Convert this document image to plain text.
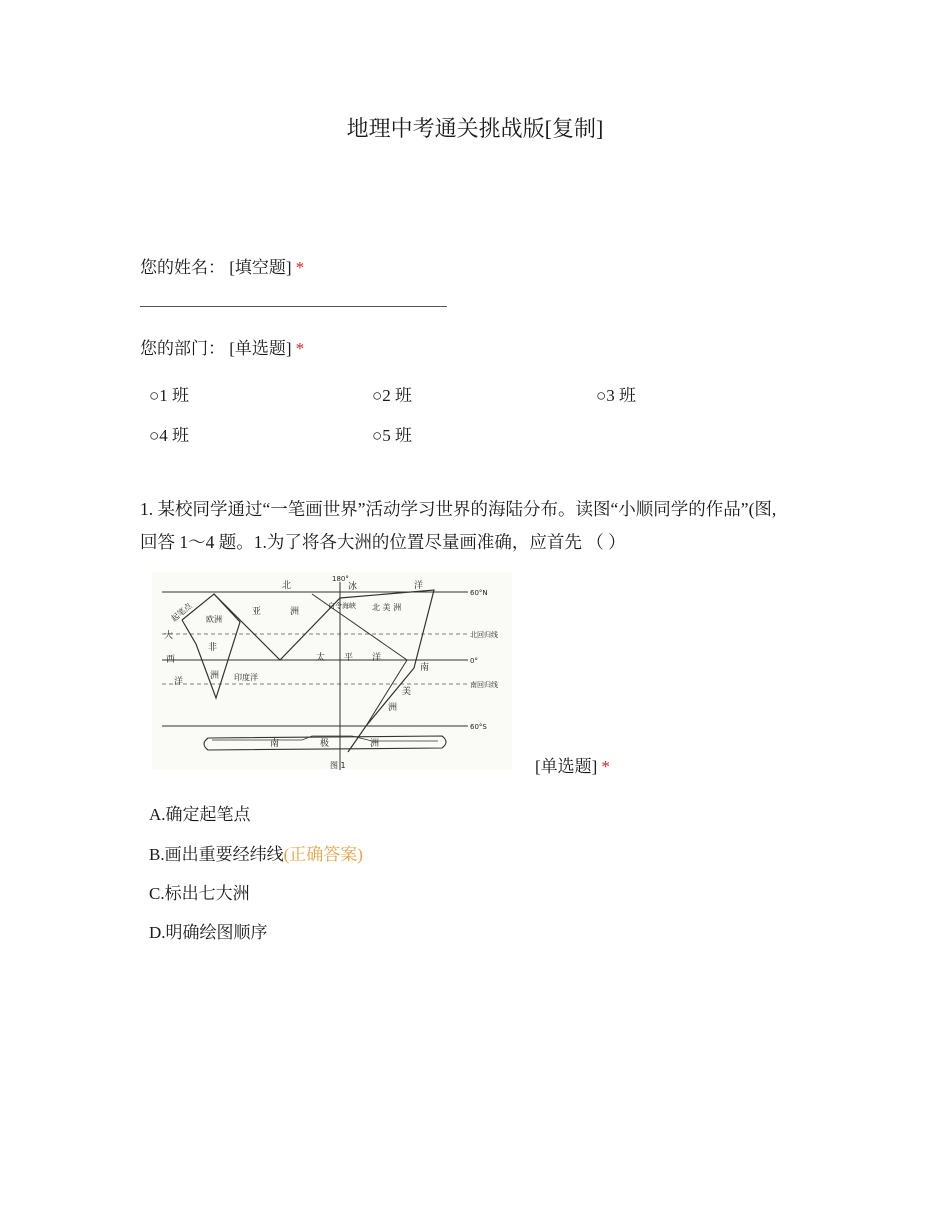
地理中考通关挑战版[复制]
您的姓名： [填空题] *
您的部门： [单选题] *
○1 班	○2 班	○3 班
○4 班	○5 班
1. 某校同学通过“一笔画世界”活动学习世界的海陆分布。读图“小顺同学的作品”(图,回答 1～4 题。1.为了将各大洲的位置尽量画准确，应首先 （ ）
北	冰	洋
起笔点 欧洲
亚	洲
白令海峡 北 美 洲
大
西
洋
非
洲 印度洋
太 平 洋
南
美
洲
南	极	洲
180°
60°N
北回归线
0°
南回归线
60°S
图 1	[单选题] *
A.确定起笔点
B.画出重要经纬线(正确答案)
C.标出七大洲
D.明确绘图顺序
